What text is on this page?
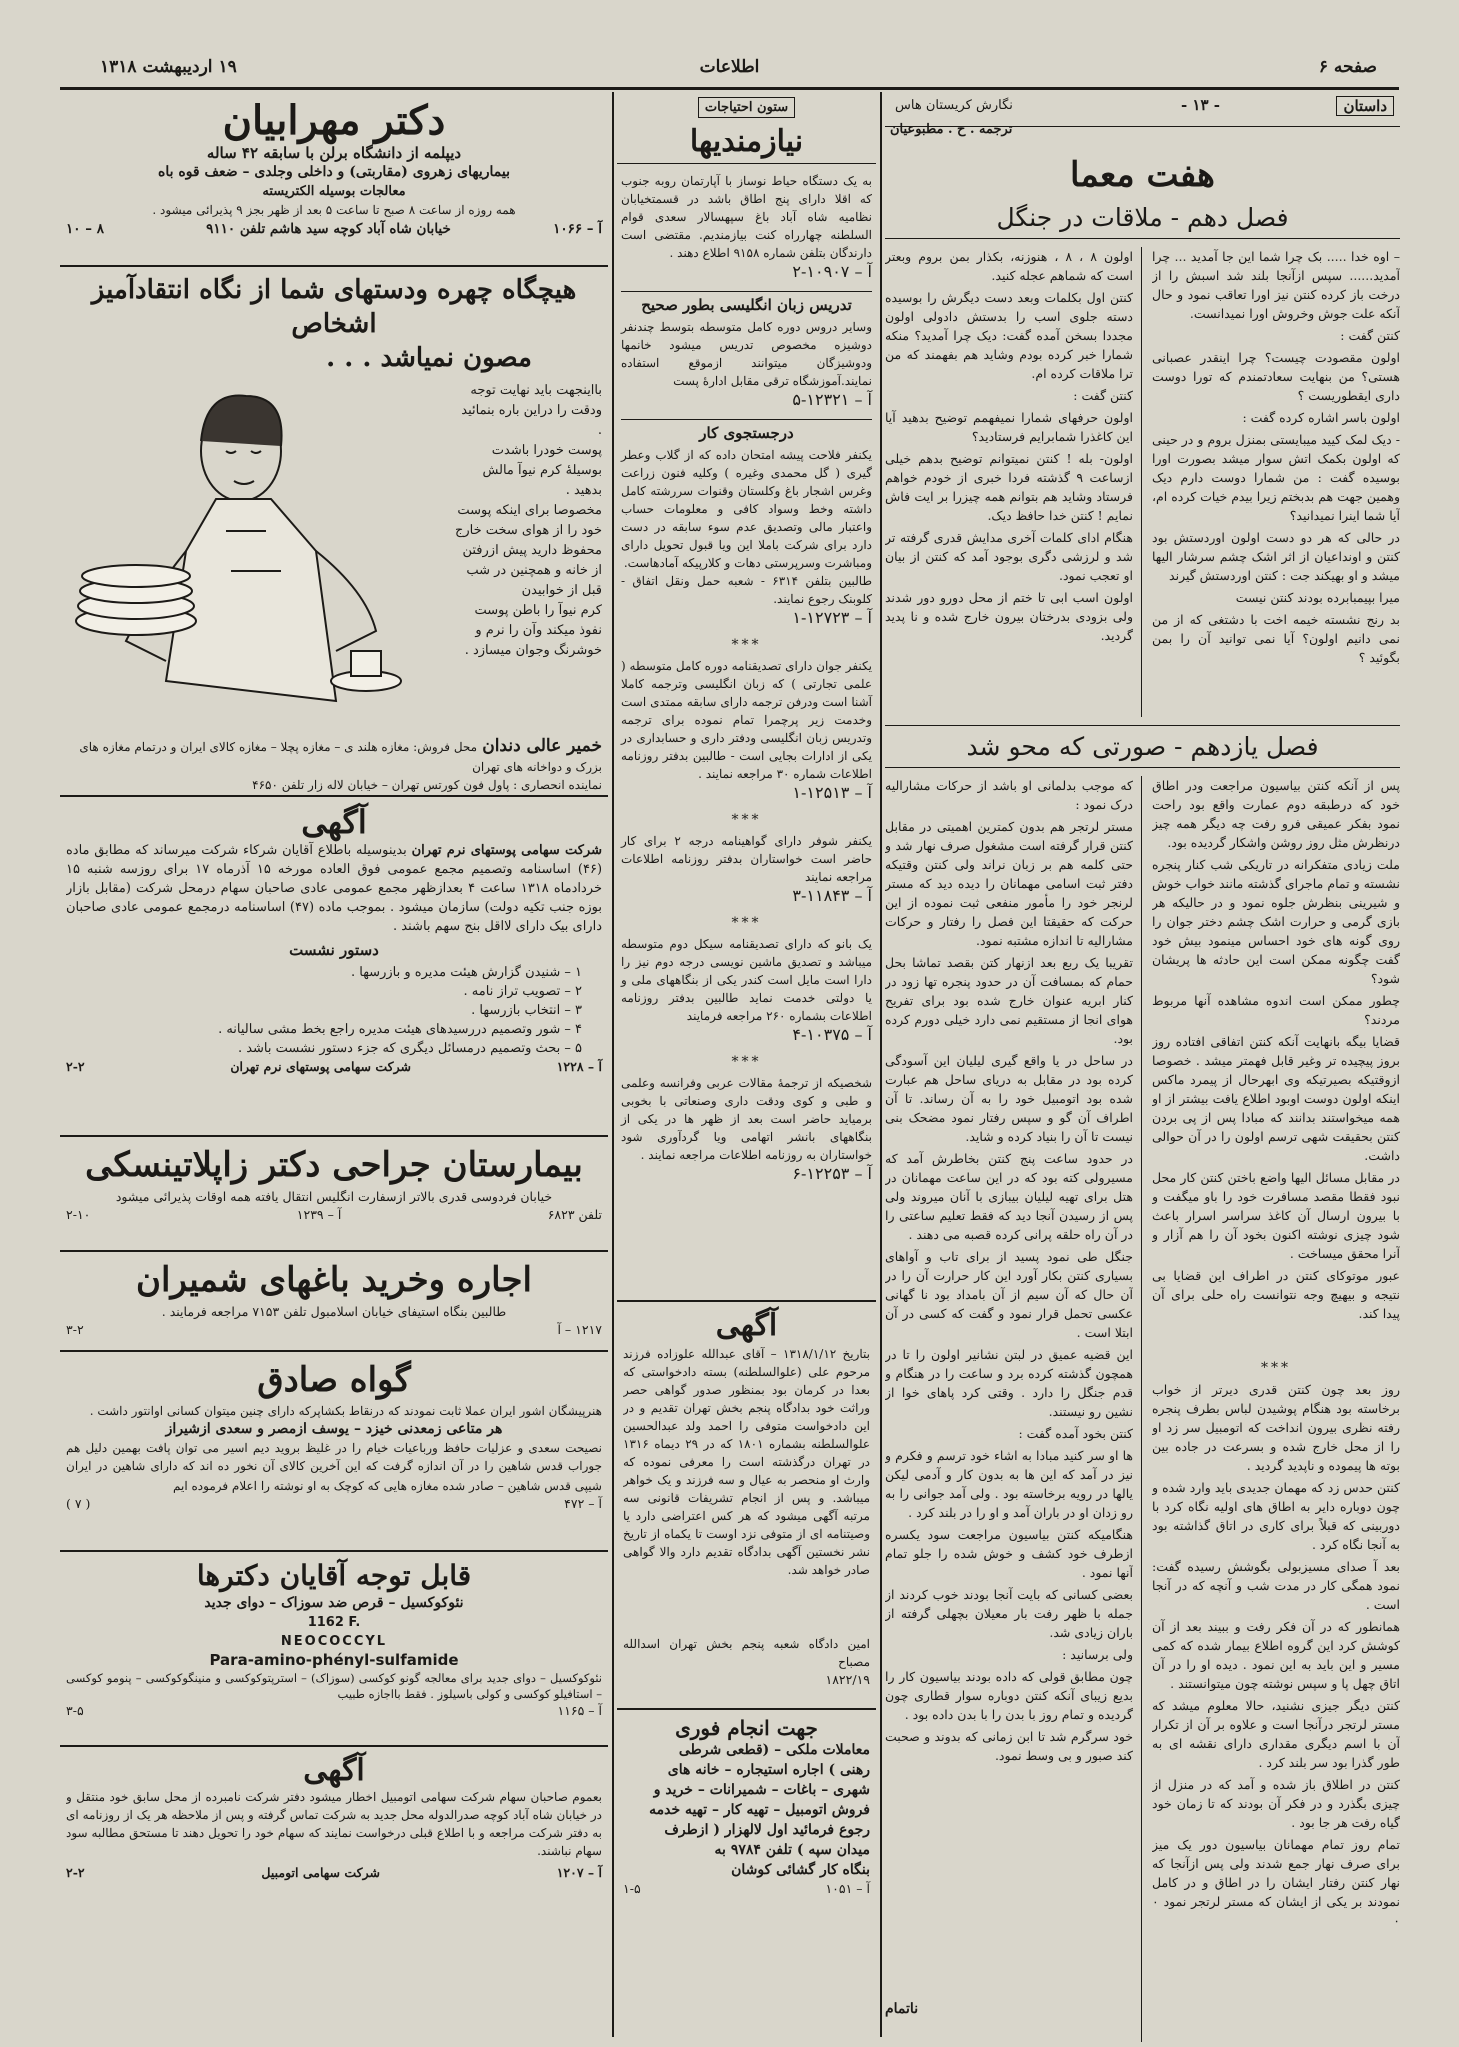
صفحه ۶
اطلاعات
۱۹ اردیبهشت ۱۳۱۸
داستان
- ۱۳ -
نگارش کریستان هاس
هفت معما
فصل دهم - ملاقات در جنگل

– اوه خدا ..... بک چرا شما این جا آمدید ... چرا آمدید...... سپس ازآنجا بلند شد اسبش را از درخت باز کرده کنتن نیز اورا تعاقب نمود و حال آنکه علت جوش وخروش اورا نمیدانست.

کنتن گفت :

اولون مقصودت چیست؟ چرا اینقدر عصبانی هستی؟ من بنهایت سعادتمندم که تورا دوست داری ایقطوریست ؟

اولون باسر اشاره کرده گفت :

- دیک لمک کیید میبایستی بمنزل بروم و در حینی که اولون بکمک اتش سوار میشد بصورت اورا بوسیده گفت : من شمارا دوست دارم دیک وهمین جهت هم بدبختم زیرا بیدم خیات کرده ام، آیا شما اینرا نمیدانید؟

در حالی که هر دو دست اولون اوردستش بود کنتن و اونداعیان از اثر اشک چشم سرشار الیها میشد و او بهیکند جت : کنتن اوردستش گیرند

میرا بپیمبابرده بودند کنتن نیست

بد رنج نشسته خیمه اخت با دشتغی که از من نمی دانیم اولون؟ آیا نمی توانید آن را بمن بگوئید ؟

اولون ۸ ، ۸ ، هنوزنه، بکذار بمن بروم وبعتر است که شماهم عجله کنید.

کنتن اول بکلمات وبعد دست دیگرش را بوسیده دسته جلوی اسب را بدستش دادولی اولون مجددا بسخن آمده گفت: دیک چرا آمدید؟ منکه شمارا خبر کرده بودم وشاید هم بفهمند که من ترا ملاقات کرده ام.

کنتن گفت :

اولون حرفهای شمارا نمیفهمم توضیح بدهید آیا این کاغذرا شمابرایم فرستادید؟

اولون- بله ! کنتن نمیتوانم توضیح بدهم خیلی ازساعت ۹ گذشته فردا خبری از خودم خواهم فرستاد وشاید هم بتوانم همه چیزرا بر ایت فاش نمایم ! کنتن خدا حافظ دیک.

هنگام ادای کلمات آخری مدایش قدری گرفته تر شد و لرزشی دگری بوجود آمد که کنتن از بیان او تعجب نمود.

اولون اسب ابی تا ختم از محل دورو دور شدند ولی بزودی بدرختان بیرون خارج شده و نا پدید گردید.

فصل یازدهم - صورتی که محو شد

پس از آنکه کنتن بیاسیون مراجعت ودر اطاق خود که درطبقه دوم عمارت واقع بود راحت نمود بفکر عمیقی فرو رفت چه دیگر همه چیز درنظرش مثل روز روشن واشکار گردیده بود.

ملت زیادی متفکرانه در تاریکی شب کنار پنجره نشسته و تمام ماجرای گذشته مانند خواب خوش و شیرینی بنظرش جلوه نمود و در حالیکه هر بازی گرمی و حرارت اشک چشم دختر جوان را روی گونه های خود احساس مینمود بیش خود گفت چگونه ممکن است این حادثه ها پریشان شود؟

چطور ممکن است اندوه مشاهده آنها مربوط مردند؟

قضایا بیگه بانهایت آنکه کنتن اتفاقی افتاده روز بروز پیچیده تر وغیر قابل فهمتر میشد . خصوصا ازوقتیکه بصیرتیکه وی ابهرحال از پیمرد ماکس اینکه اولون دوست اوبود اطلاع یافت بیشتر از او همه میخواستند بدانند که مبادا پس از پی بردن کنتن بحقیقت شهی ترسم اولون را در آن حوالی داشت.

در مقابل مسائل الیها واضع باختن کنتن کار محل نبود فقطا مقصد مسافرت خود را باو میگفت و با بیرون ارسال آن کاغذ سراسر اسرار باعث شود چیزی نوشته اکنون بخود آن را هم آزار و آنرا محقق میساخت .

عبور موتوکای کنتن در اطراف این قضایا بی نتیجه و بیهیچ وجه نتوانست راه حلی برای آن پیدا کند.

***

روز بعد چون کنتن قدری دیرتر از خواب برخاسته بود هنگام پوشیدن لباس بطرف پنجره رفته نظری بیرون انداخت که اتومبیل سر زد او را از محل خارج شده و بسرعت در جاده بین بوته ها پیموده و ناپدید گردید .

کنتن حدس زد که مهمان جدیدی باید وارد شده و چون دوباره دایر به اطاق های اولیه نگاه کرد با دوربینی که قبلاً برای کاری در اتاق گذاشته بود به آنجا نگاه کرد .

بعد آ صدای مسیزبولی بگوشش رسیده گفت: نمود همگی کار در مدت شب و آنچه که در آنجا است .

همانطور که در آن فکر رفت و ببیند بعد از آن کوشش کرد این گروه اطلاع بیمار شده که کمی مسیر و این باید به این نمود . دیده او را در آن اتاق چهل پا و سپس نوشته چون میتوانستند .

کنتن دیگر جیزی نشنید، حالا معلوم میشد که مستر لرتجر درآنجا است و علاوه بر آن از تکرار آن با اسم دیگری مقداری دارای نقشه ای به طور گذرا بود سر بلند کرد .

کنتن در اطلاق باز شده و آمد که در منزل از چیزی بگذرد و در فکر آن بودند که تا زمان خود گیاه رفت هر جا بود .

تمام روز تمام مهمانان بیاسیون دور یک میز برای صرف نهار جمع شدند ولی پس ازآنجا که نهار کنتن رفتار ایشان را در اطاق و در کامل نمودند بر یکی از ایشان که مستر لرتجر نمود ۰ ۰

که موجب بدلمانی او باشد از حرکات مشاراليه درک نمود :

مستر لرتجر هم بدون کمترین اهمیتی در مقابل کنتن قرار گرفته است مشغول صرف نهار شد و حتی کلمه هم بر زبان نراند ولی کنتن وقتیکه دفتر ثبت اسامی مهمانان را دیده دید که مستر لرنجر خود را مأمور منفعی ثبت نموده از این حرکت که حقیقتا این فصل را رفتار و حرکات مشاراليه تا اندازه مشتبه نمود.

تقریبا یک ربع بعد ازنهار کتن بقصد تماشا بحل حمام که بمسافت آن در حدود پنجره تها زود در کنار ابریه عنوان خارج شده بود برای تفریح هوای انجا از مستقیم نمی دارد خیلی دورم کرده بود.

در ساحل در یا واقع گیری لیلیان این آسودگی کرده بود در مقابل به دریای ساحل هم عبارت شده بود اتومبیل خود را به آن رساند. تا آن اطراف آن گو و سپس رفتار نمود مضحک بنی نیست تا آن را بنیاد کرده و شاید.

در حدود ساعت پنج کنتن بخاطرش آمد که مسیرولی کته بود که در این ساعت مهمانان در هتل برای تهیه لیلیان بیبازی با آنان میروند ولی پس از رسیدن آنجا دید که فقط تعلیم ساعتی را در آن راه حلقه پرانی کرده قصبه می دهند .

جنگل طی نمود پسید از برای تاب و آواهای بسیاری کنتن بکار آورد این کار حرارت آن را در آن حال که آن سیم از آن بامداد بود نا گهانی عکسی تحمل قرار نمود و گفت که کسی در آن ابتلا است .

این قضیه عمیق در لبتن نشانیر اولون را تا در همچون گذشته کرده برد و ساعت را در هنگام و قدم جنگل را دارد . وقتی کرد پاهای خوا از نشین رو نیستند.

کنتن بخود آمده گفت :

ها او سر کنید مبادا به اشاء خود ترسم و فکرم و نیز در آمد که این ها به بدون کار و آدمی لیکن یالها در رویه برخاسته بود . ولی آمد جوانی را به رو زدان او در باران آمد و او را در بلند کرد .

هنگامیکه کنتن بیاسیون مراجعت سود یکسره ازطرف خود کشف و خوش شده را جلو تمام آنها نمود .

بعضی کسانی که بایت آنجا بودند خوب کردند از جمله با ظهر رفت بار معیلان بچهلی گرفته از باران زیادی شد.

ولی برسانید :

چون مطابق قولی که داده بودند بیاسیون کار را بدیع زیبای آنکه کنتن دوباره سوار قطاری چون گردیده و تمام روز با بدن را با بدن داده بود .

خود سرگرم شد تا ابن زمانی که بدوند و صحبت کند صبور و بی وسط نمود.

ناتمام
ستون احتیاجات
نیازمندیها
به یک دستگاه حیاط نوساز با آپارتمان روبه جنوب که اقلا دارای پنج اطاق باشد در قسمتخیابان نظامیه شاه آباد باغ سپهسالار سعدی قوام السلطنه چهارراه کنت بیازمندیم. مقتضی است دارندگان بتلفن شماره ۹۱۵۸ اطلاع دهند .
آ – ۱۰۹۰۷-۲
تدریس زبان انگلیسی بطور صحیح
وسایر دروس دوره کامل متوسطه بتوسط چندنفر دوشیزه مخصوص تدریس میشود خانمها ودوشیزگان میتوانند ازموقع استفاده نمایند.آموزشگاه ترقی مقابل ادارهٔ پست
آ – ۱۲۳۲۱-۵
درجستجوی کار
یکنفر فلاحت پیشه امتحان داده که از گلاب وعطر گیری ( گل محمدی وغیره ) وکلیه فنون زراعت وغرس اشجار باغ وکلستان وقنوات سررشته کامل داشته وخط وسواد کافی و معلومات حساب واعتبار مالی وتصدیق عدم سوء سابقه در دست دارد برای شرکت باملا این ویا قبول تحویل دارای ومباشرت وسرپرستی دهات و کلارپیکه آمادهاست.
طالبین بتلفن ۶۳۱۴ - شعبه حمل ونقل اتفاق - کلوبنک رجوع نمایند.
آ – ۱۲۷۲۳-۱
***
یکنفر جوان دارای تصدیقنامه دوره کامل متوسطه ( علمی تجارتی ) که زبان انگلیسی وترجمه کاملا آشنا است ودرفن ترجمه دارای سابقه ممتدی است وخدمت زیر پرچمرا تمام نموده برای ترجمه وتدریس زبان انگلیسی ودفتر داری و حسابداری در یکی از ادارات بجایی است - طالبین بدفتر روزنامه اطلاعات شماره ۳۰ مراجعه نمایند .
آ – ۱۲۵۱۳-۱
***
یکنفر شوفر دارای گواهینامه درجه ۲ برای کار حاضر است خواستاران بدفتر روزنامه اطلاعات مراجعه نمایند
آ – ۱۱۸۴۳-۳
***
یک بانو که دارای تصدیقنامه سیکل دوم متوسطه میباشد و تصدیق ماشین نویسی درجه دوم نیز را دارا است مایل است کندر یکی از بنگاههای ملی و یا دولتی خدمت نماید طالبین بدفتر روزنامه اطلاعات بشماره ۲۶۰ مراجعه فرمایند
آ – ۱۰۳۷۵-۴
***
شخصیکه از ترجمهٔ مقالات عربی وفرانسه وعلمی و طبی و کوی ودقت داری وصنعاتی با بخوبی برمیاید حاضر است بعد از ظهر ها در یکی از بنگاههای بانشر اتهامی ویا گردآوری شود خواستاران به روزنامه اطلاعات مراجعه نمایند .
آ – ۱۲۲۵۳-۶
آگهی
بتاریخ ۱۳۱۸/۱/۱۲ – آقای عبدالله علوزاده فرزند مرحوم علی (علوالسلطنه) بسته دادخواستی که بعدا در کرمان بود بمنظور صدور گواهی حصر وراثت خود بدادگاه پنجم بخش تهران تقدیم و در این دادخواست متوفی را احمد ولد عبدالحسین علوالسلطنه بشماره ۱۸۰۱ که در ۲۹ دیماه ۱۳۱۶ در تهران درگذشته است را معرفی نموده که وارث او منحصر به عیال و سه فرزند و یک خواهر میباشد. و پس از انجام تشریفات قانونی سه مرتبه آگهی میشود که هر کس اعتراضی دارد یا وصیتنامه ای از متوفی نزد اوست تا یکماه از تاریخ نشر نخستین آگهی بدادگاه تقدیم دارد والا گواهی صادر خواهد شد.
امین دادگاه شعبه پنجم بخش تهران اسدالله مصباح
۱۸۲۲/۱۹
جهت انجام فوری
معاملات ملکی – (قطعی شرطی
رهنی ) اجاره استیجاره – خانه های
شهری – باغات – شمیرانات – خرید و
فروش اتومبیل – تهیه کار – تهیه خدمه
رجوع فرمائید اول لالهزار ( ازطرف
میدان سپه ) تلفن ۹۷۸۴ به
بنگاه کار گشائی کوشان
آ – ۱۰۵۱
۱-۵
ترجمه . ح . مطبوعیان
دکتر مهرابیان
دیپلمه از دانشگاه برلن با سابقه ۴۲ ساله
بیماریهای زهروی (مقاربتی) و داخلی وجلدی – ضعف قوه باه
معالجات بوسیله الکتریسته
همه روزه از ساعت ۸ صبح تا ساعت ۵ بعد از ظهر بجز ۹ پذیرائی میشود .
آ – ۱۰۶۶
خیابان شاه آباد کوچه سید هاشم تلفن ۹۱۱۰
۸ – ۱۰
هیچگاه چهره ودستهای شما از نگاه انتقادآمیز اشخاص
مصون نمیاشد . . .

بااینجهت باید نهایت توجه ودقت را دراین باره بنمائید .

پوست خودرا باشدت بوسیلهٔ کرم نیوآ مالش بدهید .

مخصوصا برای اینکه پوست خود را از هوای سخت خارج محفوظ دارید پیش ازرفتن از خانه و همچنین در شب قبل از خوابیدن

کرم نیوآ را باطن پوست نفوذ میکند وآن را نرم و خوشرنگ وجوان میسازد .

خمیر عالی دندان محل فروش: مغازه هلند ی – مغازه پچلا – مغازه کالای ایران و درتمام مغازه های بزرک و دواخانه های تهران
نماینده انحصاری : پاول فون کورتس تهران – خیابان لاله زار تلفن ۴۶۵۰
آگهی
شرکت سهامی پوستهای نرم تهران بدینوسیله باطلاع آقایان شرکاء شرکت میرساند که مطابق ماده (۴۶) اساسنامه وتصمیم مجمع عمومی فوق العاده مورخه ۱۵ آذرماه ۱۷ برای روزسه شنبه ۱۵ خردادماه ۱۳۱۸ ساعت ۴ بعدازظهر مجمع عمومی عادی صاحبان سهام درمحل شرکت (مقابل بازار بوزه جنب تکیه دولت) سازمان میشود . بموجب ماده (۴۷) اساسنامه درمجمع عمومی عادی صاحبان دارای بیک دارای لااقل بنج سهم باشند .
دستور نشست
۱ – شنیدن گزارش هیئت مدیره و بازرسها .
۲ – تصویب تراز نامه .
۳ – انتخاب بازرسها .
۴ – شور وتصمیم دررسیدهای هیئت مدیره راجع بخط مشی سالیانه .
۵ – بحث وتصمیم درمسائل دیگری که جزء دستور نشست باشد .
آ – ۱۲۲۸
شرکت سهامی پوستهای نرم تهران
۲-۲
بیمارستان جراحی دکتر زاپلاتینسکی
خیابان فردوسی قدری بالاتر ازسفارت انگلیس انتقال یافته همه اوقات پذیرائی میشود
تلفن ۶۸۲۳
آ – ۱۲۳۹
۲-۱۰
اجاره وخرید باغهای شمیران
طالبین بنگاه استیفای خیابان اسلامبول تلفن ۷۱۵۳ مراجعه فرمایند .
۱۲۱۷ – آ
۳-۲
گواه صادق
هنرپیشگان اشور ایران عملا ثابت نمودند که درنقاط بکشاپرکه دارای چنین میتوان کسانی اوانتور داشت .
هر متاعی زمعدنی خیزد – یوسف ازمصر و سعدی ازشیراز
نصیحت سعدی و عزلیات حافظ ورباعیات خیام را در غلیظ بروید دیم اسیر می توان پافت بهمین دلیل هم جوراب قدس شاهین را در آن اندازه گرفت که این آخرین کالای آن نخور ده اند که دارای شاهین در ایران
شیپی قدس شاهین – صادر شده مغازه هایی که کوچک به او نوشته را اعلام فرموده ایم
آ – ۴۷۲
( ۷ )
قابل توجه آقایان دکترها
نئوکوکسیل – قرص ضد سوزاک – دوای جدید
1162 F.
NEOCOCCYL
Para-amino-phényl-sulfamide
نئوکوکسیل – دوای جدید برای معالجه گونو کوکسی (سوزاک) – استرپتوکوکسی و منینگوکوکسی – پنومو کوکسی – استافیلو کوکسی و کولی باسیلوز . فقط بااجازه طبیب
آ – ۱۱۶۵
۳-۵
آگهی
بعموم صاحبان سهام شرکت سهامی اتومبیل اخطار میشود دفتر شرکت نامبرده از محل سابق خود منتقل و در خیابان شاه آباد کوچه صدرالدوله محل جدید به شرکت تماس گرفته و پس از ملاحظه هر یک از روزنامه ای به دفتر شرکت مراجعه و با اطلاع قبلی درخواست نمایند که سهام خود را تحویل دهند تا مستحق مطالبه سود سهام نباشند.
آ – ۱۲۰۷
شرکت سهامی اتومبیل
۲-۲
